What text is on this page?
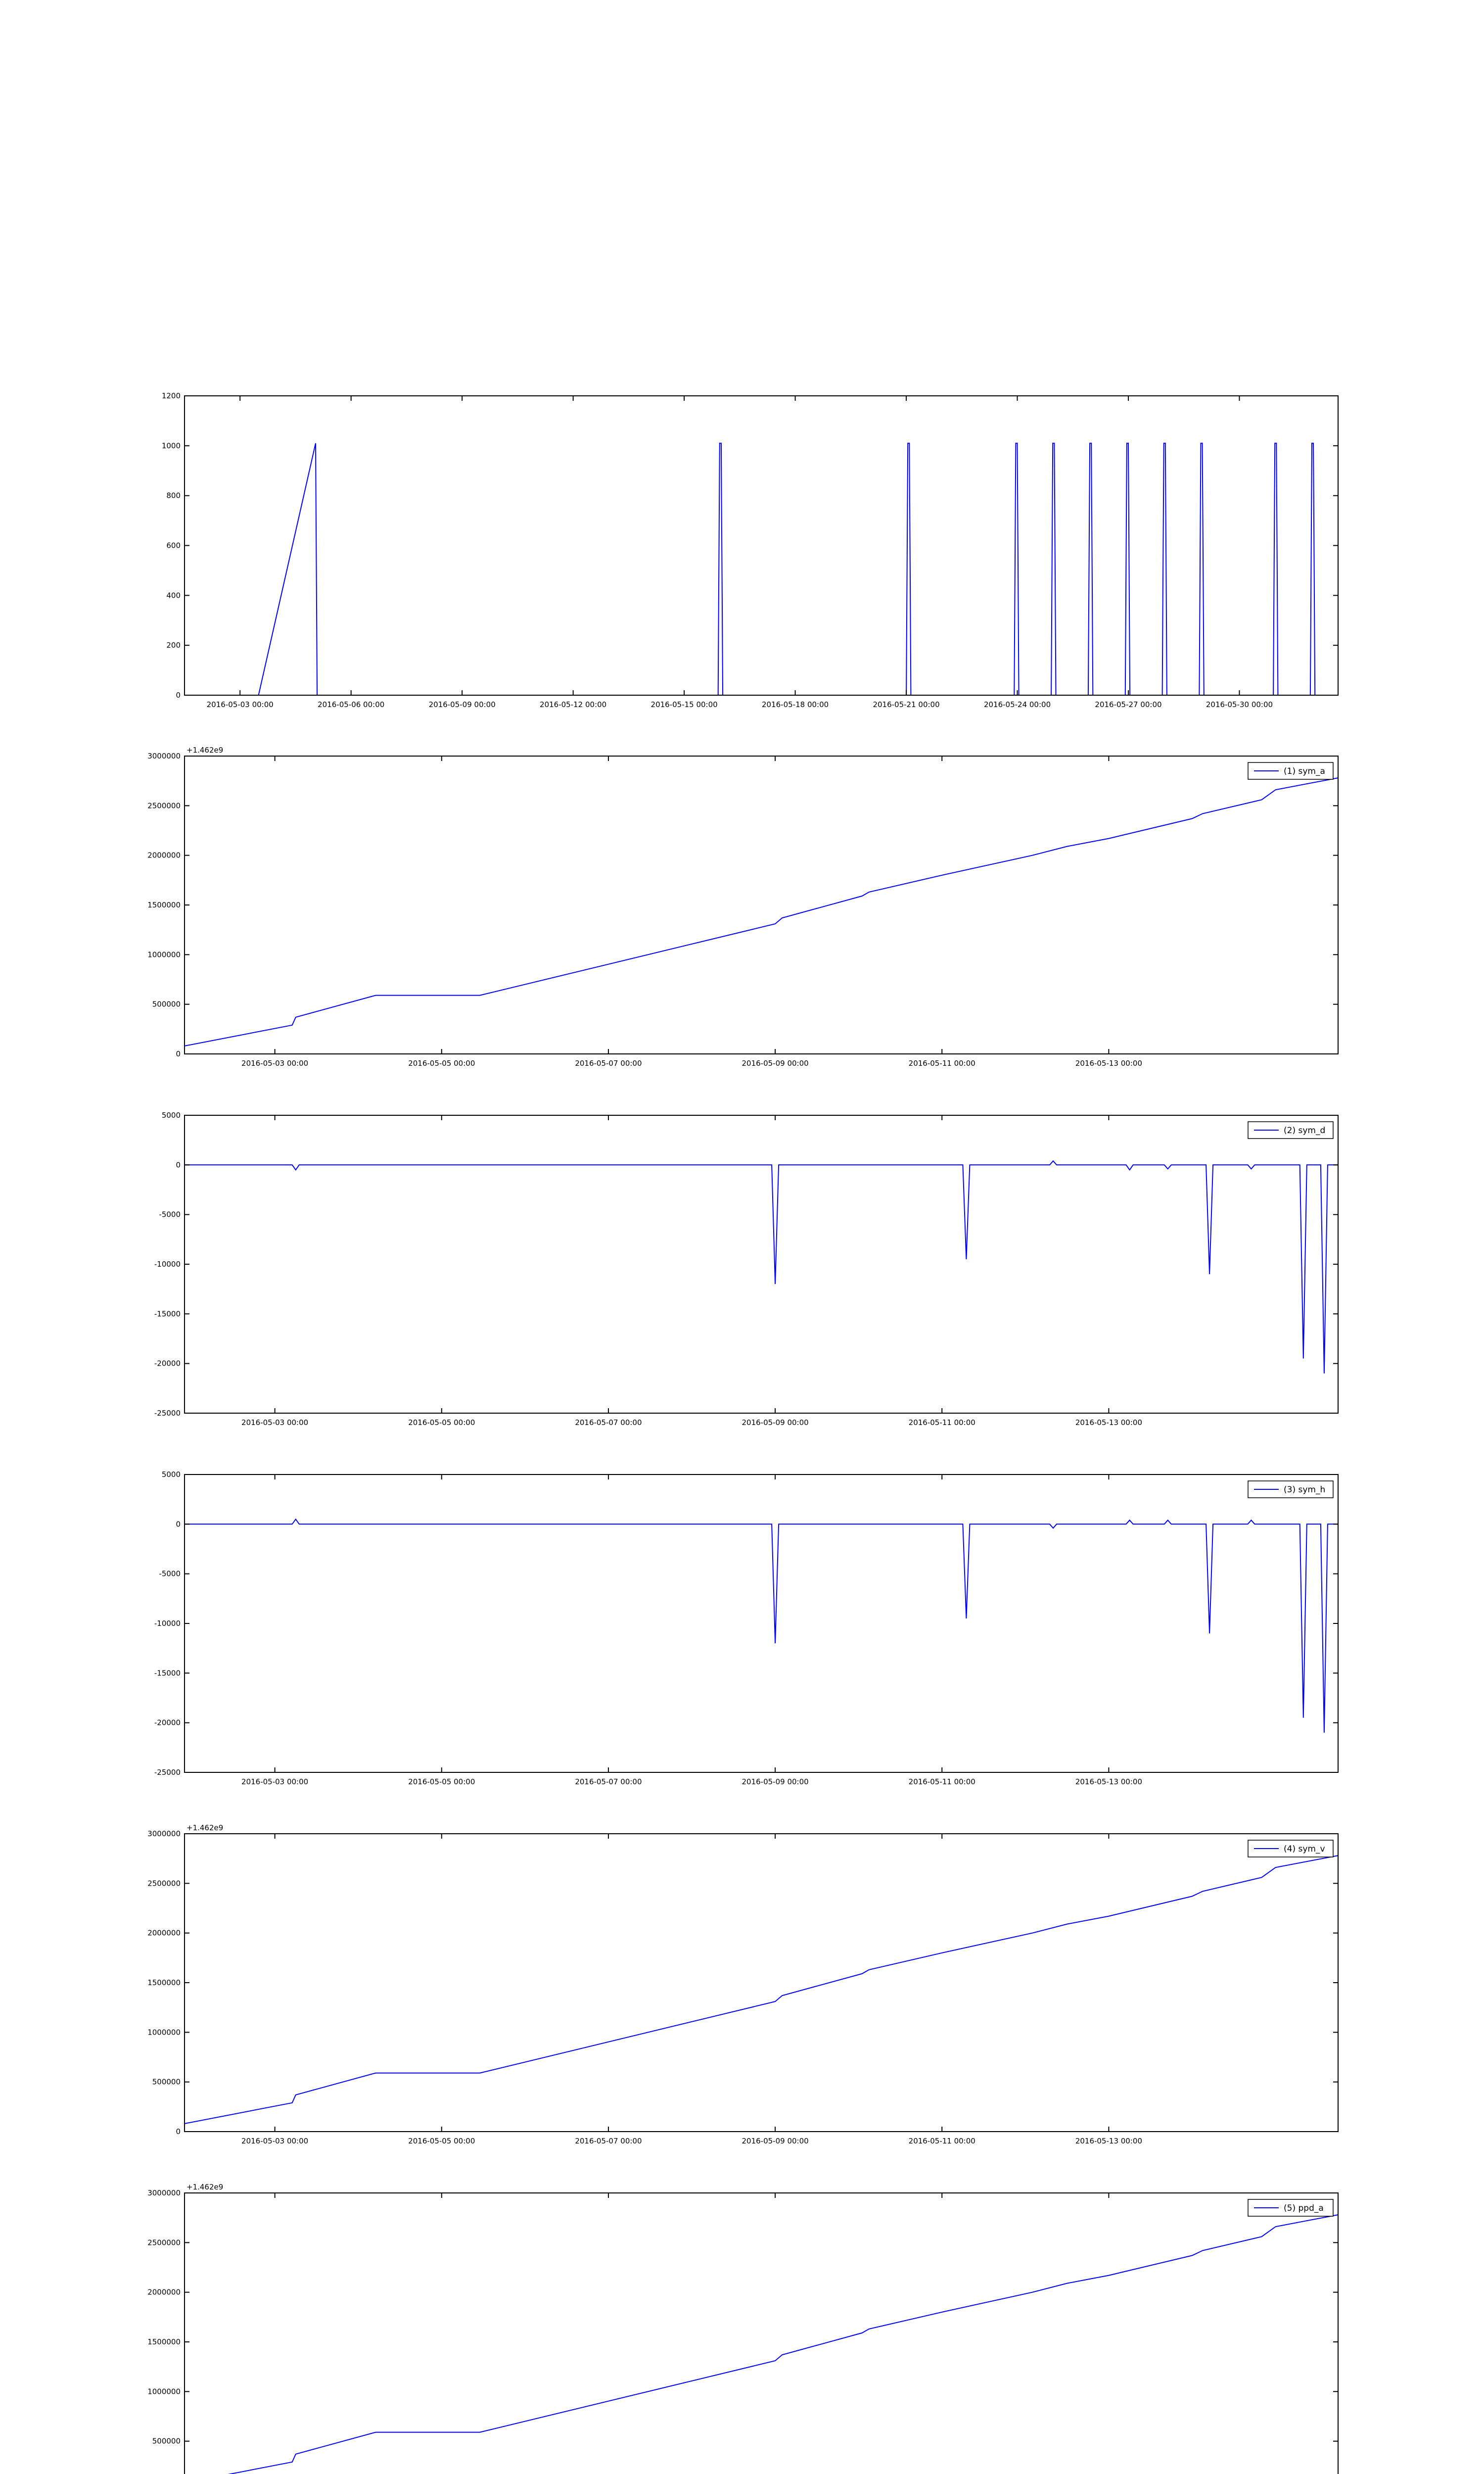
0
200
400
600
800
1000
1200
2016-05-03 00:00	2016-05-06 00:00	2016-05-09 00:00	2016-05-12 00:00	2016-05-15 00:00	2016-05-18 00:00	2016-05-21 00:00	2016-05-24 00:00	2016-05-27 00:00	2016-05-30 00:00
0
500000
1000000
1500000
2000000
2500000
3000000
2016-05-03 00:00	2016-05-05 00:00	2016-05-07 00:00	2016-05-09 00:00	2016-05-11 00:00	2016-05-13 00:00
+1.462e9
(1) sym_a
-25000
-20000
-15000
-10000
-5000
0
5000
2016-05-03 00:00	2016-05-05 00:00	2016-05-07 00:00	2016-05-09 00:00	2016-05-11 00:00	2016-05-13 00:00
(2) sym_d
-25000
-20000
-15000
-10000
-5000
0
5000
2016-05-03 00:00	2016-05-05 00:00	2016-05-07 00:00	2016-05-09 00:00	2016-05-11 00:00	2016-05-13 00:00
(3) sym_h
0
500000
1000000
1500000
2000000
2500000
3000000
2016-05-03 00:00	2016-05-05 00:00	2016-05-07 00:00	2016-05-09 00:00	2016-05-11 00:00	2016-05-13 00:00
+1.462e9
(4) sym_v
500000
1000000
1500000
2000000
2500000
3000000
+1.462e9
(5) ppd_a
